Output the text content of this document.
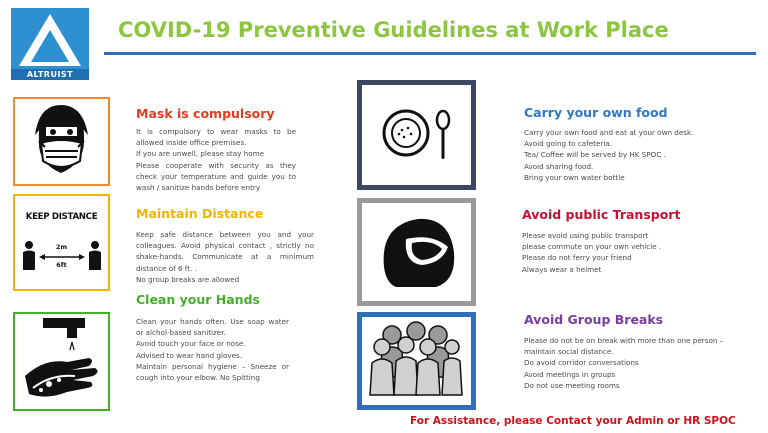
ALTRUIST
COVID-19 Preventive Guidelines at Work Place
Mask is compulsory
It is compulsory to wear masks to be allowed inside office premises.
If you are unwell, please stay home
Please cooperate with security as they check your temperature and guide you to wash / sanitize hands before entry
KEEP DISTANCE
2m
6ft
Maintain Distance
Keep safe distance between you and your colleagues. Avoid physical contact , strictly no shake-hands. Communicate at a minimum distance of 6 ft. .
No group breaks are allowed
Clean your Hands
Clean your hands often. Use soap water or alchol-based sanitizer.
Avoid touch your face or nose.
Advised to wear hand gloves.
Maintain personal hygiene – Sneeze or cough into your elbow. No Spitting
Carry your own food
Carry your own food and eat at your own desk. Avoid going to cafeteria.
Tea/ Coffee will be served by HK SPOC .
Avoid sharing food.
Bring your own water bottle
Avoid public Transport
Please avoid using public transport
please commute on your own vehicle .
Please do not ferry your friend
Always wear a helmet
Avoid Group Breaks
Please do not be on break with more than one person – maintain social distance.
Do avoid corridor conversations
Avoid meetings in groups
Do not use meeting rooms
For Assistance, please Contact your Admin or HR SPOC
